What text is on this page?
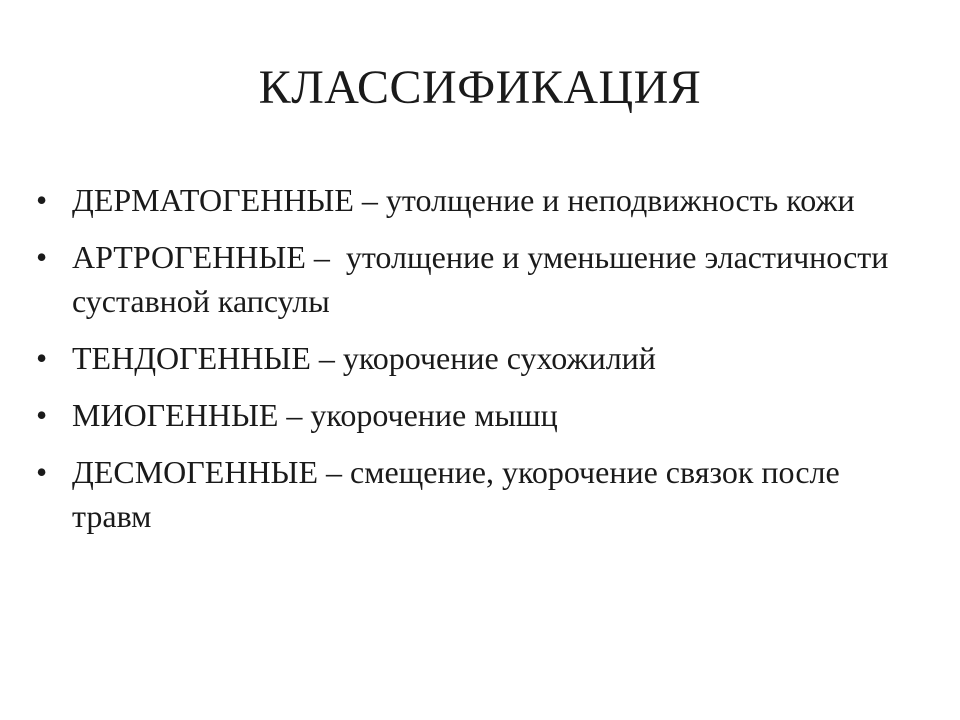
КЛАССИФИКАЦИЯ
• ДЕРМАТОГЕННЫЕ – утолщение и неподвижность кожи
• АРТРОГЕННЫЕ –  утолщение и уменьшение эластичности суставной капсулы
• ТЕНДОГЕННЫЕ – укорочение сухожилий
• МИОГЕННЫЕ – укорочение мышц
• ДЕСМОГЕННЫЕ – смещение, укорочение связок после травм
